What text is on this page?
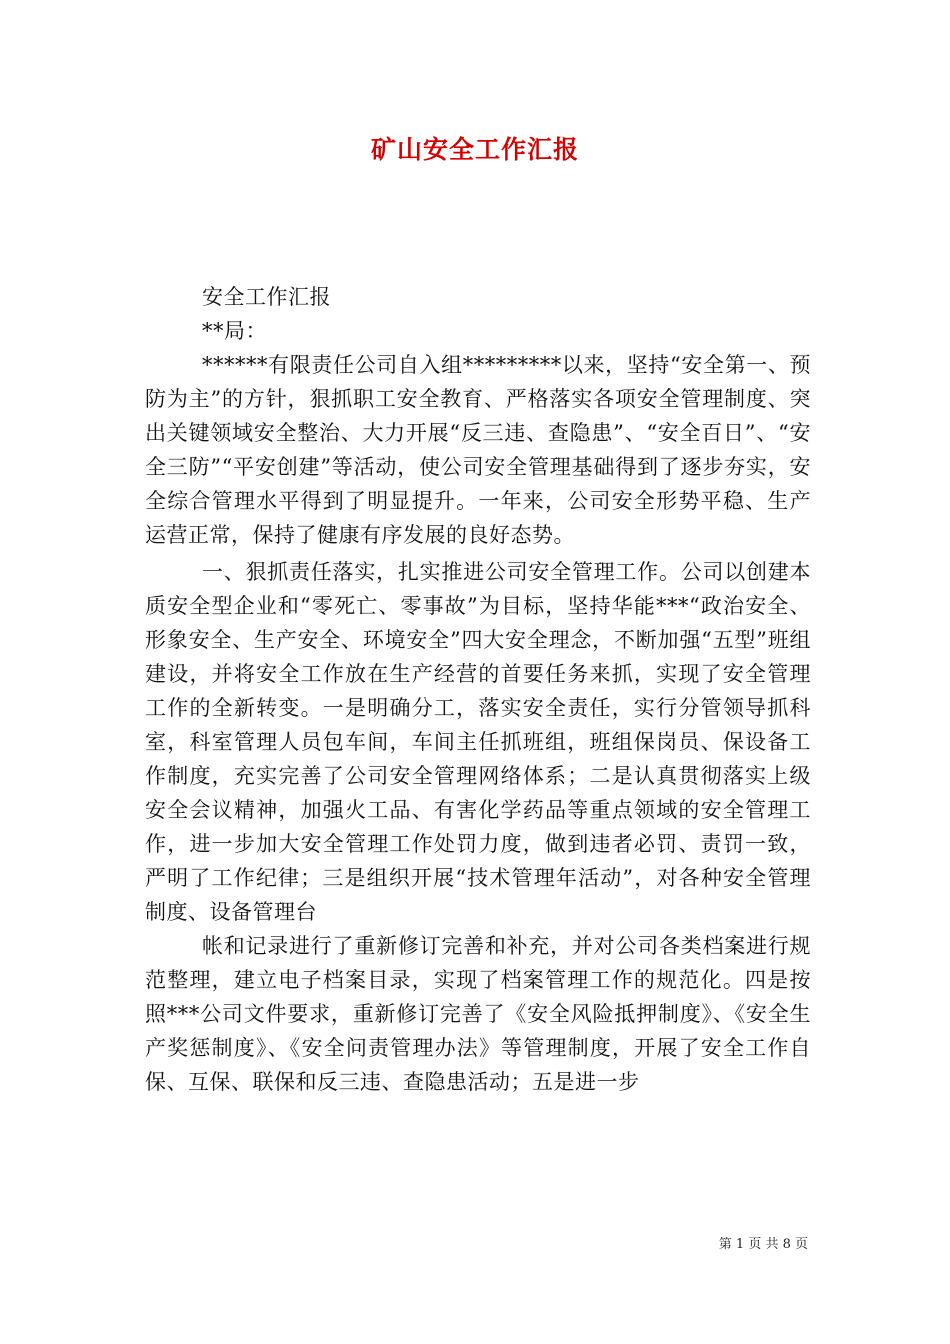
矿山安全工作汇报

安全工作汇报

**局：

******有限责任公司自入组*********以来，坚持“安全第一、预防为主”的方针，狠抓职工安全教育、严格落实各项安全管理制度、突出关键领域安全整治、大力开展“反三违、查隐患”、“安全百日”、“安全三防”“平安创建”等活动，使公司安全管理基础得到了逐步夯实，安全综合管理水平得到了明显提升。一年来，公司安全形势平稳、生产运营正常，保持了健康有序发展的良好态势。

一、狠抓责任落实，扎实推进公司安全管理工作。公司以创建本质安全型企业和“零死亡、零事故”为目标，坚持华能***“政治安全、形象安全、生产安全、环境安全”四大安全理念，不断加强“五型”班组建设，并将安全工作放在生产经营的首要任务来抓，实现了安全管理工作的全新转变。一是明确分工，落实安全责任，实行分管领导抓科室，科室管理人员包车间，车间主任抓班组，班组保岗员、保设备工作制度，充实完善了公司安全管理网络体系；二是认真贯彻落实上级安全会议精神，加强火工品、有害化学药品等重点领域的安全管理工作，进一步加大安全管理工作处罚力度，做到违者必罚、责罚一致，严明了工作纪律；三是组织开展“技术管理年活动”，对各种安全管理制度、设备管理台

帐和记录进行了重新修订完善和补充，并对公司各类档案进行规范整理，建立电子档案目录，实现了档案管理工作的规范化。四是按照***公司文件要求，重新修订完善了《安全风险抵押制度》、《安全生产奖惩制度》、《安全问责管理办法》等管理制度，开展了安全工作自保、互保、联保和反三违、查隐患活动；五是进一步

第 1 页 共 8 页
